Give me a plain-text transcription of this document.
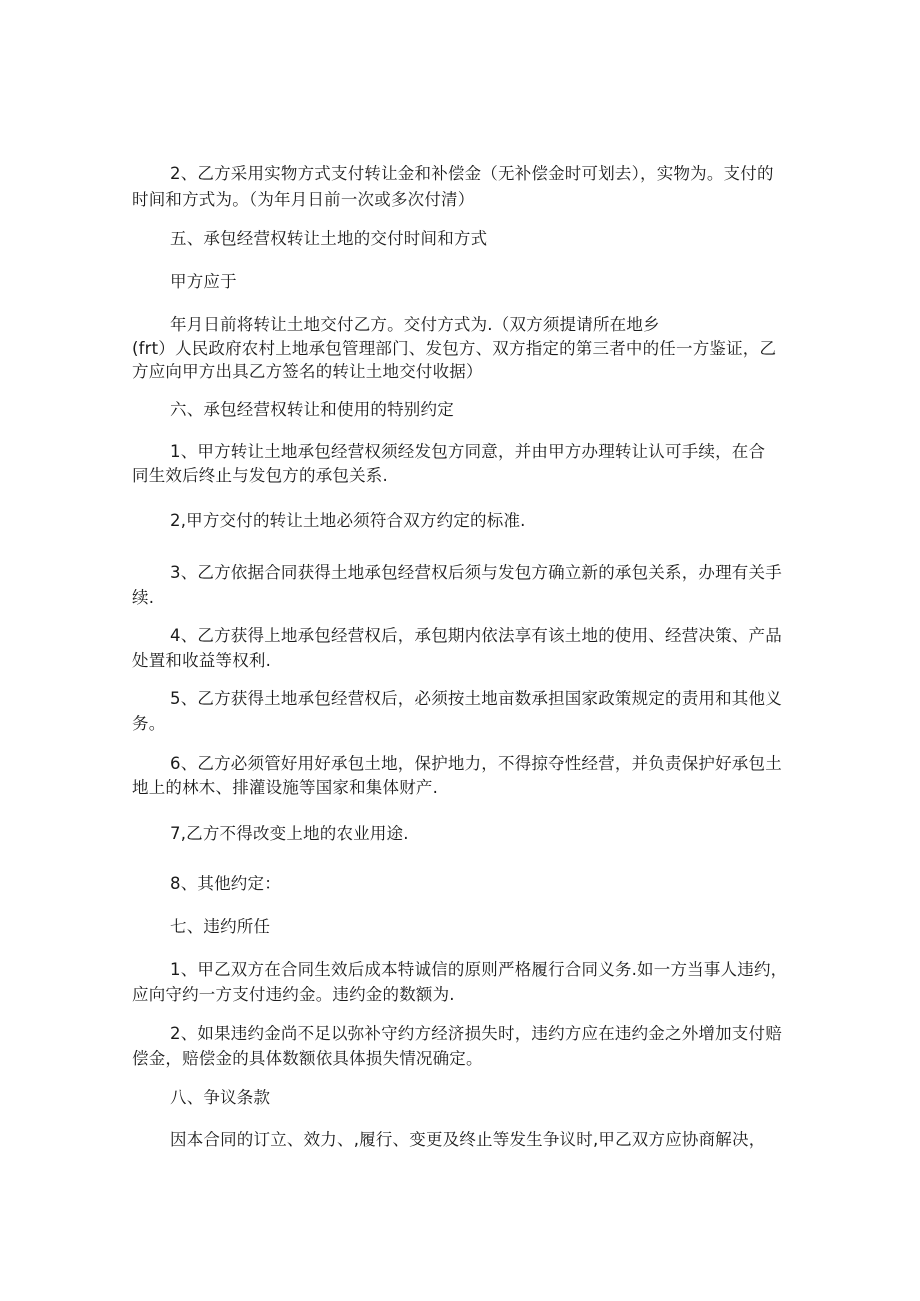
2、乙方采用实物方式支付转让金和补偿金（无补偿金时可划去），实物为。支付的
时间和方式为。（为年月日前一次或多次付清）
五、承包经营权转让土地的交付时间和方式
甲方应于
年月日前将转让土地交付乙方。交付方式为.（双方须提请所在地乡
(frt）人民政府农村上地承包管理部门、发包方、双方指定的第三者中的任一方鉴证，乙
方应向甲方出具乙方签名的转让土地交付收据）
六、承包经营权转让和使用的特别约定
1、甲方转让土地承包经营权须经发包方同意，并由甲方办理转让认可手续，在合
同生效后终止与发包方的承包关系.
2,甲方交付的转让土地必须符合双方约定的标准.
3、乙方依据合同获得土地承包经营权后须与发包方确立新的承包关系，办理有关手
续.
4、乙方获得上地承包经营权后，承包期内依法享有该土地的使用、经营决策、产品
处置和收益等权利.
5、乙方获得土地承包经营权后，必须按土地亩数承担国家政策规定的责用和其他义
务。
6、乙方必须管好用好承包土地，保护地力，不得掠夺性经营，并负责保护好承包土
地上的林木、排灌设施等国家和集体财产.
7,乙方不得改变上地的农业用途.
8、其他约定：
七、违约所任
1、甲乙双方在合同生效后成本特诚信的原则严格履行合同义务.如一方当事人违约，
应向守约一方支付违约金。违约金的数额为.
2、如果违约金尚不足以弥补守约方经济损失时，违约方应在违约金之外增加支付赔
偿金，赔偿金的具体数额依具体损失情况确定。
八、争议条款
因本合同的订立、效力、,履行、变更及终止等发生争议时,甲乙双方应协商解决，
